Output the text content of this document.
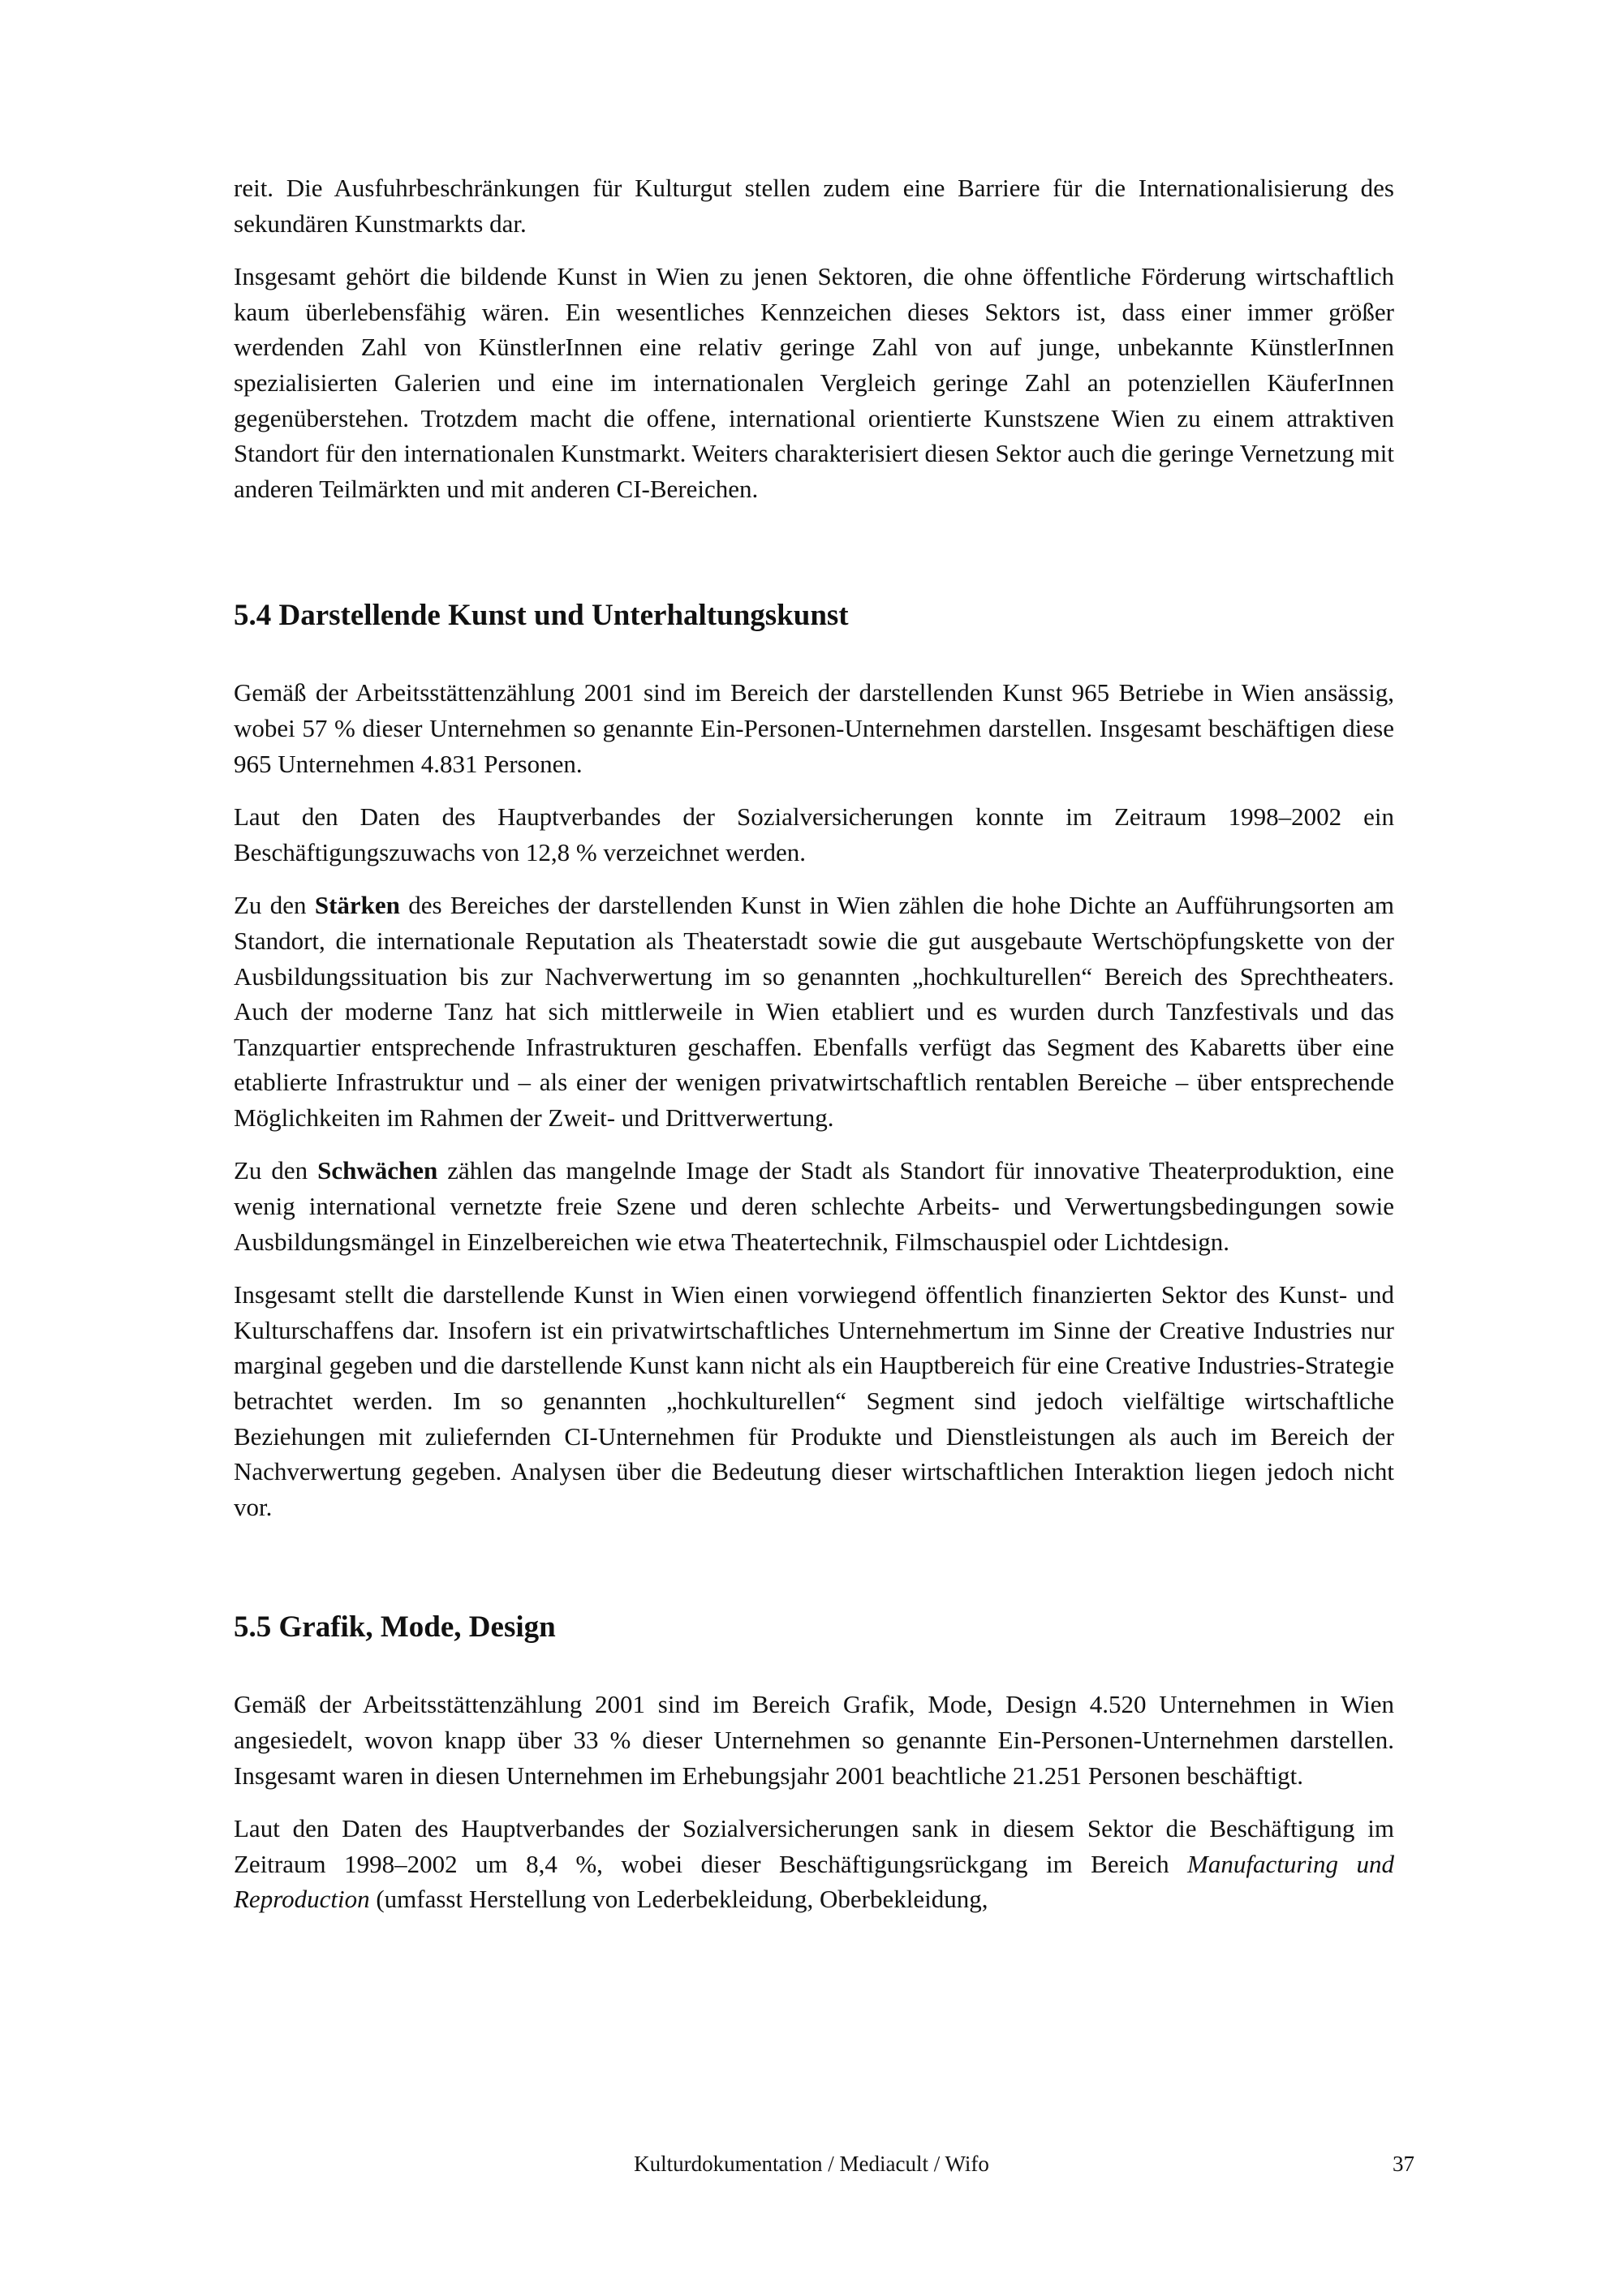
reit. Die Ausfuhrbeschränkungen für Kulturgut stellen zudem eine Barriere für die Internationalisierung des sekundären Kunstmarkts dar.

Insgesamt gehört die bildende Kunst in Wien zu jenen Sektoren, die ohne öffentliche Förderung wirtschaftlich kaum überlebensfähig wären. Ein wesentliches Kennzeichen dieses Sektors ist, dass einer immer größer werdenden Zahl von KünstlerInnen eine relativ geringe Zahl von auf junge, unbekannte KünstlerInnen spezialisierten Galerien und eine im internationalen Vergleich geringe Zahl an potenziellen KäuferInnen gegenüberstehen. Trotzdem macht die offene, international orientierte Kunstszene Wien zu einem attraktiven Standort für den internationalen Kunstmarkt. Weiters charakterisiert diesen Sektor auch die geringe Vernetzung mit anderen Teilmärkten und mit anderen CI-Bereichen.

5.4 Darstellende Kunst und Unterhaltungskunst

Gemäß der Arbeitsstättenzählung 2001 sind im Bereich der darstellenden Kunst 965 Betriebe in Wien ansässig, wobei 57 % dieser Unternehmen so genannte Ein-Personen-Unternehmen darstellen. Insgesamt beschäftigen diese 965 Unternehmen 4.831 Personen.

Laut den Daten des Hauptverbandes der Sozialversicherungen konnte im Zeitraum 1998–2002 ein Beschäftigungszuwachs von 12,8 % verzeichnet werden.

Zu den Stärken des Bereiches der darstellenden Kunst in Wien zählen die hohe Dichte an Aufführungsorten am Standort, die internationale Reputation als Theaterstadt sowie die gut ausgebaute Wertschöpfungskette von der Ausbildungssituation bis zur Nachverwertung im so genannten „hochkulturellen“ Bereich des Sprechtheaters. Auch der moderne Tanz hat sich mittlerweile in Wien etabliert und es wurden durch Tanzfestivals und das Tanzquartier entsprechende Infrastrukturen geschaffen. Ebenfalls verfügt das Segment des Kabaretts über eine etablierte Infrastruktur und – als einer der wenigen privatwirtschaftlich rentablen Bereiche – über entsprechende Möglichkeiten im Rahmen der Zweit- und Drittverwertung.

Zu den Schwächen zählen das mangelnde Image der Stadt als Standort für innovative Theaterproduktion, eine wenig international vernetzte freie Szene und deren schlechte Arbeits- und Verwertungsbedingungen sowie Ausbildungsmängel in Einzelbereichen wie etwa Theatertechnik, Filmschauspiel oder Lichtdesign.

Insgesamt stellt die darstellende Kunst in Wien einen vorwiegend öffentlich finanzierten Sektor des Kunst- und Kulturschaffens dar. Insofern ist ein privatwirtschaftliches Unternehmertum im Sinne der Creative Industries nur marginal gegeben und die darstellende Kunst kann nicht als ein Hauptbereich für eine Creative Industries-Strategie betrachtet werden. Im so genannten „hochkulturellen“ Segment sind jedoch vielfältige wirtschaftliche Beziehungen mit zuliefernden CI-Unternehmen für Produkte und Dienstleistungen als auch im Bereich der Nachverwertung gegeben. Analysen über die Bedeutung dieser wirtschaftlichen Interaktion liegen jedoch nicht vor.

5.5 Grafik, Mode, Design

Gemäß der Arbeitsstättenzählung 2001 sind im Bereich Grafik, Mode, Design 4.520 Unternehmen in Wien angesiedelt, wovon knapp über 33 % dieser Unternehmen so genannte Ein-Personen-Unternehmen darstellen. Insgesamt waren in diesen Unternehmen im Erhebungsjahr 2001 beachtliche 21.251 Personen beschäftigt.

Laut den Daten des Hauptverbandes der Sozialversicherungen sank in diesem Sektor die Beschäftigung im Zeitraum 1998–2002 um 8,4 %, wobei dieser Beschäftigungsrückgang im Bereich Manufacturing und Reproduction (umfasst Herstellung von Lederbekleidung, Oberbekleidung,

Kulturdokumentation / Mediacult / Wifo	37
